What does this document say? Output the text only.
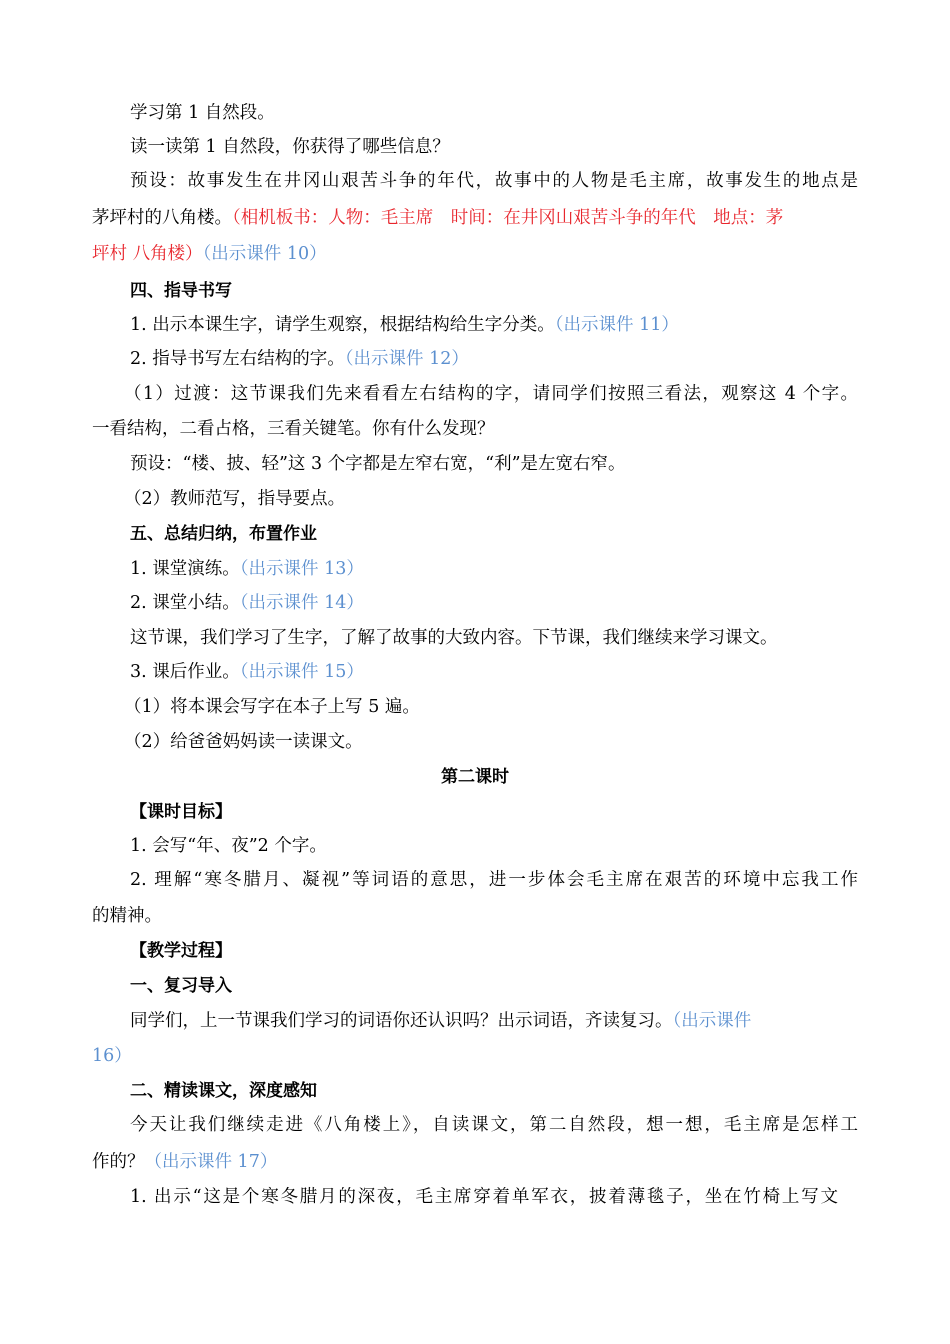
学习第 1 自然段。
读一读第 1 自然段，你获得了哪些信息？
预设：故事发生在井冈山艰苦斗争的年代，故事中的人物是毛主席，故事发生的地点是
茅坪村的八角楼。（相机板书：人物：毛主席　时间：在井冈山艰苦斗争的年代　地点：茅
坪村 八角楼）（出示课件 10）
四、指导书写
1. 出示本课生字，请学生观察，根据结构给生字分类。（出示课件 11）
2. 指导书写左右结构的字。（出示课件 12）
（1）过渡：这节课我们先来看看左右结构的字，请同学们按照三看法，观察这 4 个字。
一看结构，二看占格，三看关键笔。你有什么发现？
预设：“楼、披、轻”这 3 个字都是左窄右宽，“利”是左宽右窄。
（2）教师范写，指导要点。
五、总结归纳，布置作业
1. 课堂演练。（出示课件 13）
2. 课堂小结。（出示课件 14）
这节课，我们学习了生字，了解了故事的大致内容。下节课，我们继续来学习课文。
3. 课后作业。（出示课件 15）
（1）将本课会写字在本子上写 5 遍。
（2）给爸爸妈妈读一读课文。
第二课时
【课时目标】
1. 会写“年、夜”2 个字。
2. 理解“寒冬腊月、凝视”等词语的意思，进一步体会毛主席在艰苦的环境中忘我工作
的精神。
【教学过程】
一、复习导入
同学们，上一节课我们学习的词语你还认识吗？出示词语，齐读复习。（出示课件
16）
二、精读课文，深度感知
今天让我们继续走进《八角楼上》，自读课文，第二自然段，想一想，毛主席是怎样工
作的？（出示课件 17）
1. 出示“这是个寒冬腊月的深夜，毛主席穿着单军衣，披着薄毯子，坐在竹椅上写文
